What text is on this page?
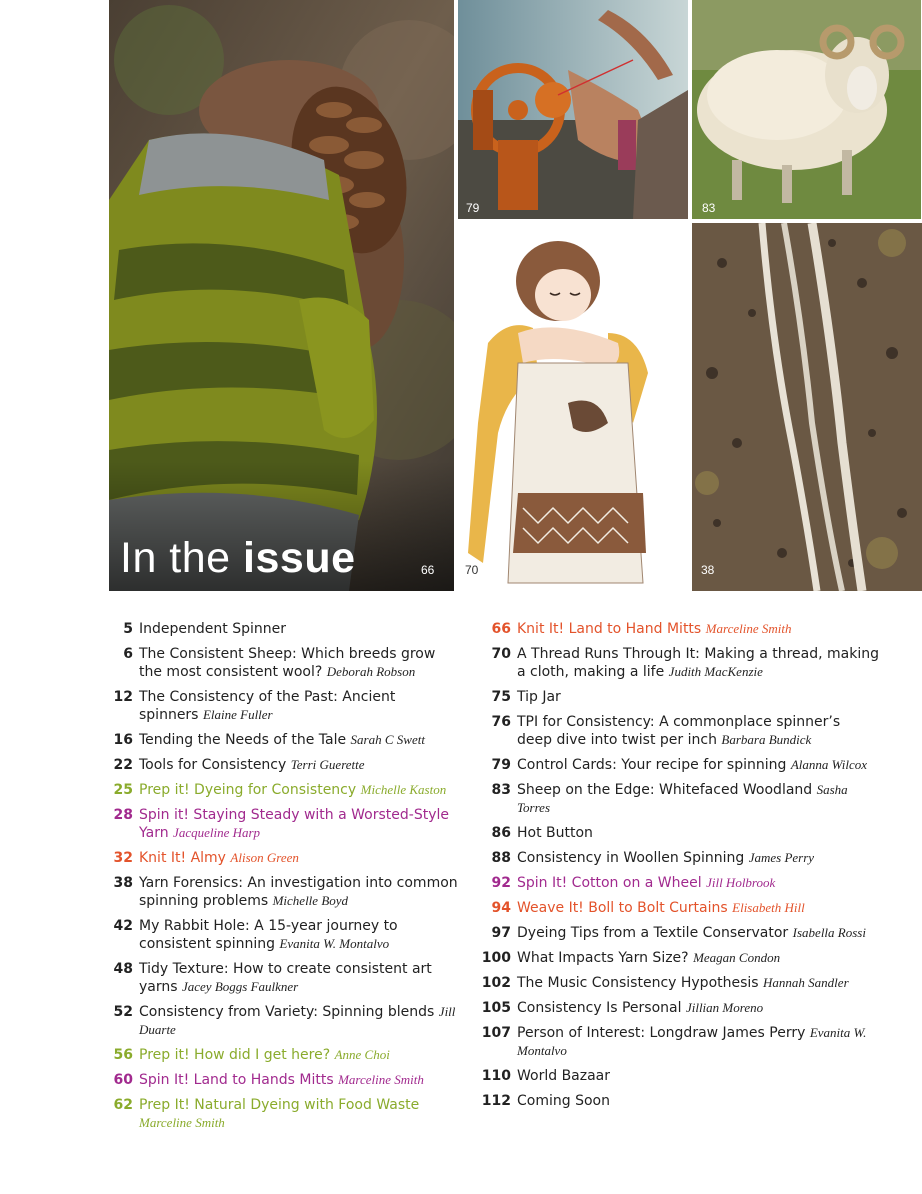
In the issue	66
79	83
70	38
5 Independent Spinner
6 The Consistent Sheep: Which breeds grow the most consistent wool? Deborah Robson
12 The Consistency of the Past: Ancient spinners Elaine Fuller
16 Tending the Needs of the Tale Sarah C Swett
22 Tools for Consistency Terri Guerette
25 Prep it! Dyeing for Consistency Michelle Kaston
28 Spin it! Staying Steady with a Worsted-Style Yarn Jacqueline Harp
32 Knit It! Almy Alison Green
38 Yarn Forensics: An investigation into common spinning problems Michelle Boyd
42 My Rabbit Hole: A 15-year journey to consistent spinning Evanita W. Montalvo
48 Tidy Texture: How to create consistent art yarns Jacey Boggs Faulkner
52 Consistency from Variety: Spinning blends Jill Duarte
56 Prep it! How did I get here? Anne Choi
60 Spin It! Land to Hands Mitts Marceline Smith
62 Prep It! Natural Dyeing with Food Waste Marceline Smith
66 Knit It! Land to Hand Mitts Marceline Smith
70 A Thread Runs Through It: Making a thread, making a cloth, making a life Judith MacKenzie
75 Tip Jar
76 TPI for Consistency: A commonplace spinner’s deep dive into twist per inch Barbara Bundick
79 Control Cards: Your recipe for spinning Alanna Wilcox
83 Sheep on the Edge: Whitefaced Woodland Sasha Torres
86 Hot Button
88 Consistency in Woollen Spinning James Perry
92 Spin It! Cotton on a Wheel Jill Holbrook
94 Weave It! Boll to Bolt Curtains Elisabeth Hill
97 Dyeing Tips from a Textile Conservator Isabella Rossi
100 What Impacts Yarn Size? Meagan Condon
102 The Music Consistency Hypothesis Hannah Sandler
105 Consistency Is Personal Jillian Moreno
107 Person of Interest: Longdraw James Perry Evanita W. Montalvo
110 World Bazaar
112 Coming Soon
